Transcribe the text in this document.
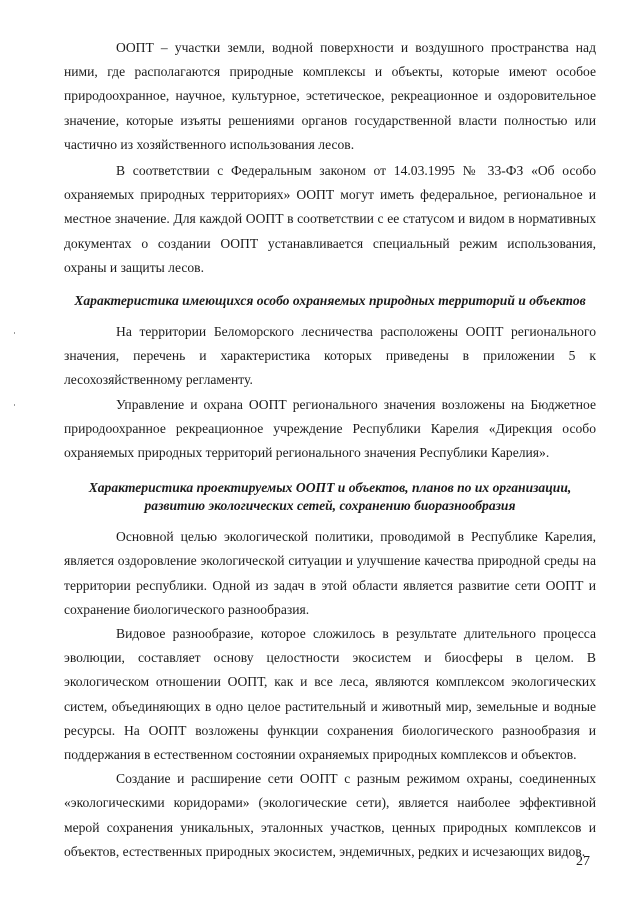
ООПТ – участки земли, водной поверхности и воздушного пространства над ними, где располагаются природные комплексы и объекты, которые имеют особое природоохранное, научное, культурное, эстетическое, рекреационное и оздоровительное значение, которые изъяты решениями органов государственной власти полностью или частично из хозяйственного использования лесов.

В соответствии с Федеральным законом от 14.03.1995 № 33-ФЗ «Об особо охраняемых природных территориях» ООПТ могут иметь федеральное, региональное и местное значение. Для каждой ООПТ в соответствии с ее статусом и видом в нормативных документах о создании ООПТ устанавливается специальный режим использования, охраны и защиты лесов.

Характеристика имеющихся особо охраняемых природных территорий и объектов

На территории Беломорского лесничества расположены ООПТ регионального значения, перечень и характеристика которых приведены в приложении 5 к лесохозяйственному регламенту.

Управление и охрана ООПТ регионального значения возложены на Бюджетное природоохранное рекреационное учреждение Республики Карелия «Дирекция особо охраняемых природных территорий регионального значения Республики Карелия».

Характеристика проектируемых ООПТ и объектов, планов по их организации,
развитию экологических сетей, сохранению биоразнообразия

Основной целью экологической политики, проводимой в Республике Карелия, является оздоровление экологической ситуации и улучшение качества природной среды на территории республики. Одной из задач в этой области является развитие сети ООПТ и сохранение биологического разнообразия.

Видовое разнообразие, которое сложилось в результате длительного процесса эволюции, составляет основу целостности экосистем и биосферы в целом. В экологическом отношении ООПТ, как и все леса, являются комплексом экологических систем, объединяющих в одно целое растительный и животный мир, земельные и водные ресурсы. На ООПТ возложены функции сохранения биологического разнообразия и поддержания в естественном состоянии охраняемых природных комплексов и объектов.

Создание и расширение сети ООПТ с разным режимом охраны, соединенных «экологическими коридорами» (экологические сети), является наиболее эффективной мерой сохранения уникальных, эталонных участков, ценных природных комплексов и объектов, естественных природных экосистем, эндемичных, редких и исчезающих видов.

27
